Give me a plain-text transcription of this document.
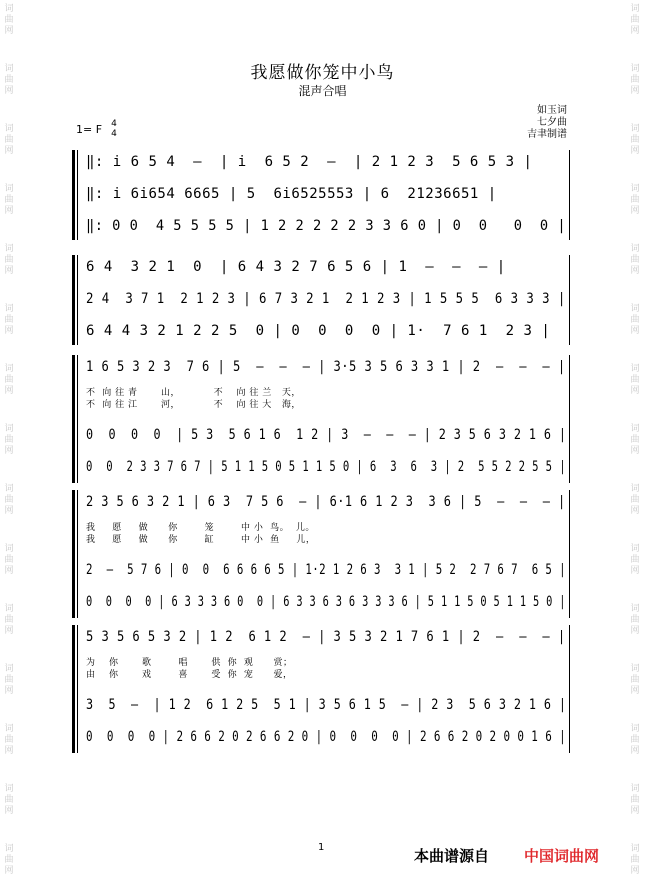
词曲网
词曲网
词曲网
词曲网
词曲网
词曲网
词曲网
词曲网
词曲网
词曲网
词曲网
词曲网
词曲网
词曲网
词曲网
词曲网
词曲网
词曲网
词曲网
词曲网
词曲网
词曲网
词曲网
词曲网
词曲网
词曲网
词曲网
词曲网
词曲网
词曲网
我愿做你笼中小鸟
混声合唱
如玉词
七夕曲
吉聿制谱
1= F 4
4
‖: i 6 5 4  —  | i  6 5 2  —  | 2 1 2 3  5 6 5 3 |
‖: i 6i654 6665 | 5  6i6525553 | 6  21236651 |
‖: 0 0  4 5 5 5 5 | 1 2 2 2 2 2 3 3 6 0 | 0  0   0  0 |
6 4  3 2 1  0  | 6 4 3 2 7 6 5 6 | 1  —  —  — |
2 4  3 7 1  2 1 2 3 | 6 7 3 2 1  2 1 2 3 | 1 5 5 5  6 3 3 3 |
6 4 4 3 2 1 2 2 5  0 | 0  0  0  0 | 1·  7 6 1  2 3 |
1 6 5 3 2 3  7 6 | 5  —  —  — | 3·5 3 5 6 3 3 1 | 2  —  —  — |
不  向 往 青       山，          不    向 往 兰   天，
不  向 往 江       河，          不    向 往 大   海，
0  0  0  0  | 5 3  5 6 1 6  1 2 | 3  —  —  — | 2 3 5 6 3 2 1 6 |
0  0  2 3 3 7 6 7 | 5 1 1 5 0 5 1 1 5 0 | 6  3  6  3 | 2  5 5 2 2 5 5 |
2 3 5 6 3 2 1 | 6 3  7 5 6  — | 6·1 6 1 2 3  3 6 | 5  —  —  — |
我     愿     做      你        笼        中 小  鸟。  儿。
我     愿     做      你        缸        中 小  鱼     儿，
2  —  5 7 6 | 0  0  6 6 6 6 5 | 1·2 1 2 6 3  3 1 | 5 2  2 7 6 7  6 5 |
0  0  0  0 | 6 3 3 3 6 0  0 | 6 3 3 6 3 6 3 3 3 6 | 5 1 1 5 0 5 1 1 5 0 |
5 3 5 6 5 3 2 | 1 2  6 1 2  — | 3 5 3 2 1 7 6 1 | 2  —  —  — |
为    你       歌        唱       供  你  观      赏；
由    你       戏        喜       受  你  宠      爱，
3  5  —  | 1 2  6 1 2 5  5 1 | 3 5 6 1 5  — | 2 3  5 6 3 2 1 6 |
0  0  0  0 | 2 6 6 2 0 2 6 6 2 0 | 0  0  0  0 | 2 6 6 2 0 2 0 0 1 6 |
1	本曲谱源自 中国词曲网
